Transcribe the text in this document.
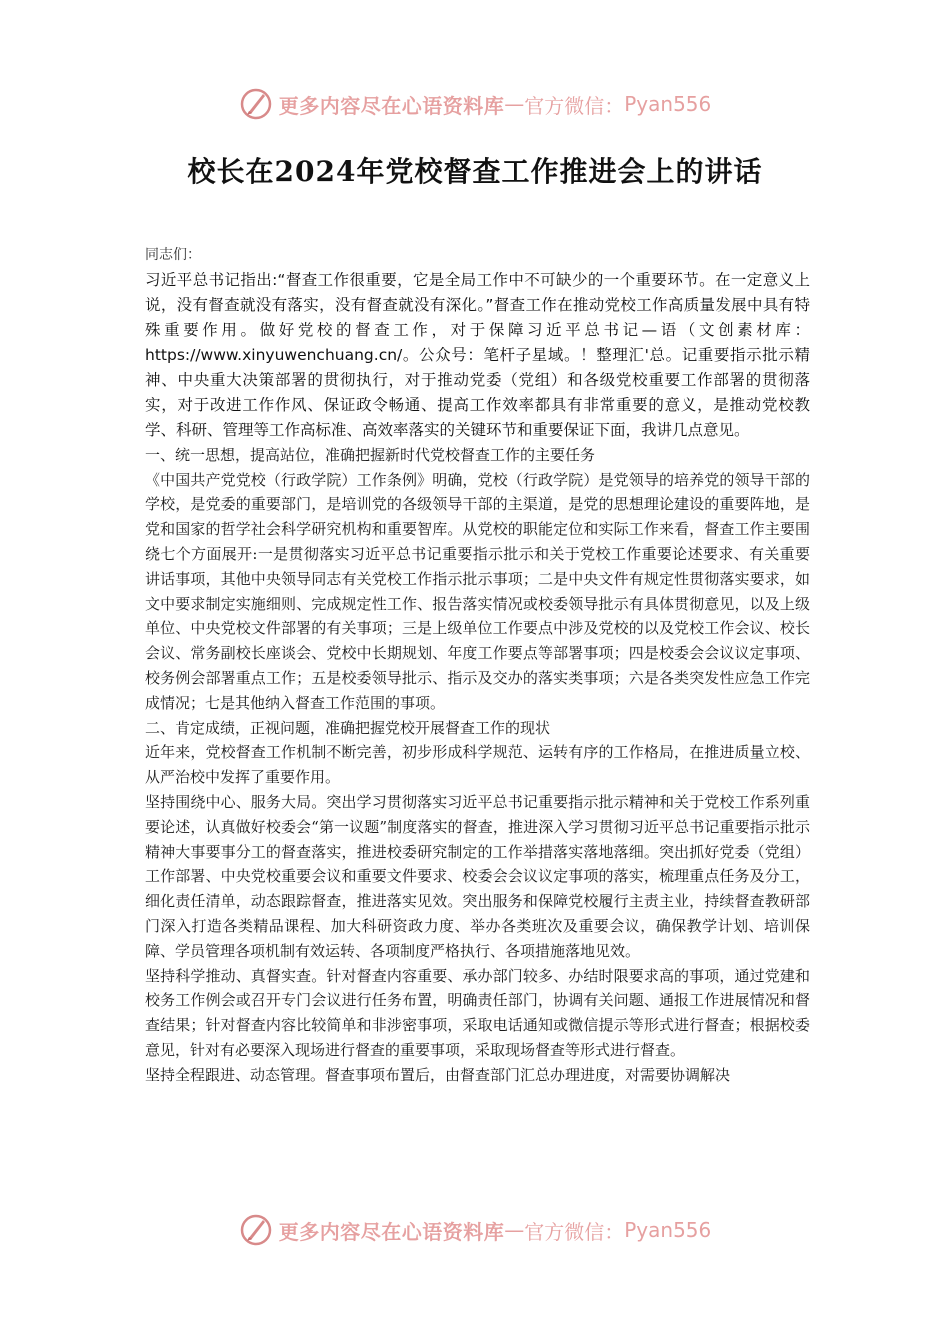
更多内容尽在心语资料库 — 官方微信： Pyan556
校长在2024年党校督查工作推进会上的讲话

同志们：

习近平总书记指出:“督查工作很重要，它是全局工作中不可缺少的一个重要环节。在一定意义上说，没有督查就没有落实，没有督查就没有深化。”督查工作在推动党校工作高质量发展中具有特殊重要作用。做好党校的督查工作，对于保障习近平总书记—语（文创素材库：https://www.xinyuwenchuang.cn/。公众号：笔杆子星域。！整理汇'总。记重要指示批示精神、中央重大决策部署的贯彻执行，对于推动党委（党组）和各级党校重要工作部署的贯彻落实，对于改进工作作风、保证政令畅通、提高工作效率都具有非常重要的意义，是推动党校教学、科研、管理等工作高标准、高效率落实的关键环节和重要保证下面，我讲几点意见。

一、统一思想，提高站位，准确把握新时代党校督查工作的主要任务

《中国共产党党校（行政学院）工作条例》明确，党校（行政学院）是党领导的培养党的领导干部的学校，是党委的重要部门，是培训党的各级领导干部的主渠道，是党的思想理论建设的重要阵地，是党和国家的哲学社会科学研究机构和重要智库。从党校的职能定位和实际工作来看，督查工作主要围绕七个方面展开:一是贯彻落实习近平总书记重要指示批示和关于党校工作重要论述要求、有关重要讲话事项，其他中央领导同志有关党校工作指示批示事项；二是中央文件有规定性贯彻落实要求，如文中要求制定实施细则、完成规定性工作、报告落实情况或校委领导批示有具体贯彻意见，以及上级单位、中央党校文件部署的有关事项；三是上级单位工作要点中涉及党校的以及党校工作会议、校长会议、常务副校长座谈会、党校中长期规划、年度工作要点等部署事项；四是校委会会议议定事项、校务例会部署重点工作；五是校委领导批示、指示及交办的落实类事项；六是各类突发性应急工作完成情况；七是其他纳入督查工作范围的事项。

二、肯定成绩，正视问题，准确把握党校开展督查工作的现状

近年来，党校督查工作机制不断完善，初步形成科学规范、运转有序的工作格局，在推进质量立校、从严治校中发挥了重要作用。

坚持围绕中心、服务大局。突出学习贯彻落实习近平总书记重要指示批示精神和关于党校工作系列重要论述，认真做好校委会“第一议题”制度落实的督查，推进深入学习贯彻习近平总书记重要指示批示精神大事要事分工的督查落实，推进校委研究制定的工作举措落实落地落细。突出抓好党委（党组）工作部署、中央党校重要会议和重要文件要求、校委会会议议定事项的落实，梳理重点任务及分工，细化责任清单，动态跟踪督查，推进落实见效。突出服务和保障党校履行主责主业，持续督查教研部门深入打造各类精品课程、加大科研资政力度、举办各类班次及重要会议，确保教学计划、培训保障、学员管理各项机制有效运转、各项制度严格执行、各项措施落地见效。

坚持科学推动、真督实查。针对督查内容重要、承办部门较多、办结时限要求高的事项，通过党建和校务工作例会或召开专门会议进行任务布置，明确责任部门，协调有关问题、通报工作进展情况和督查结果；针对督查内容比较简单和非涉密事项，采取电话通知或微信提示等形式进行督查；根据校委意见，针对有必要深入现场进行督查的重要事项，采取现场督查等形式进行督查。

坚持全程跟进、动态管理。督查事项布置后，由督查部门汇总办理进度，对需要协调解决

更多内容尽在心语资料库 — 官方微信： Pyan556
